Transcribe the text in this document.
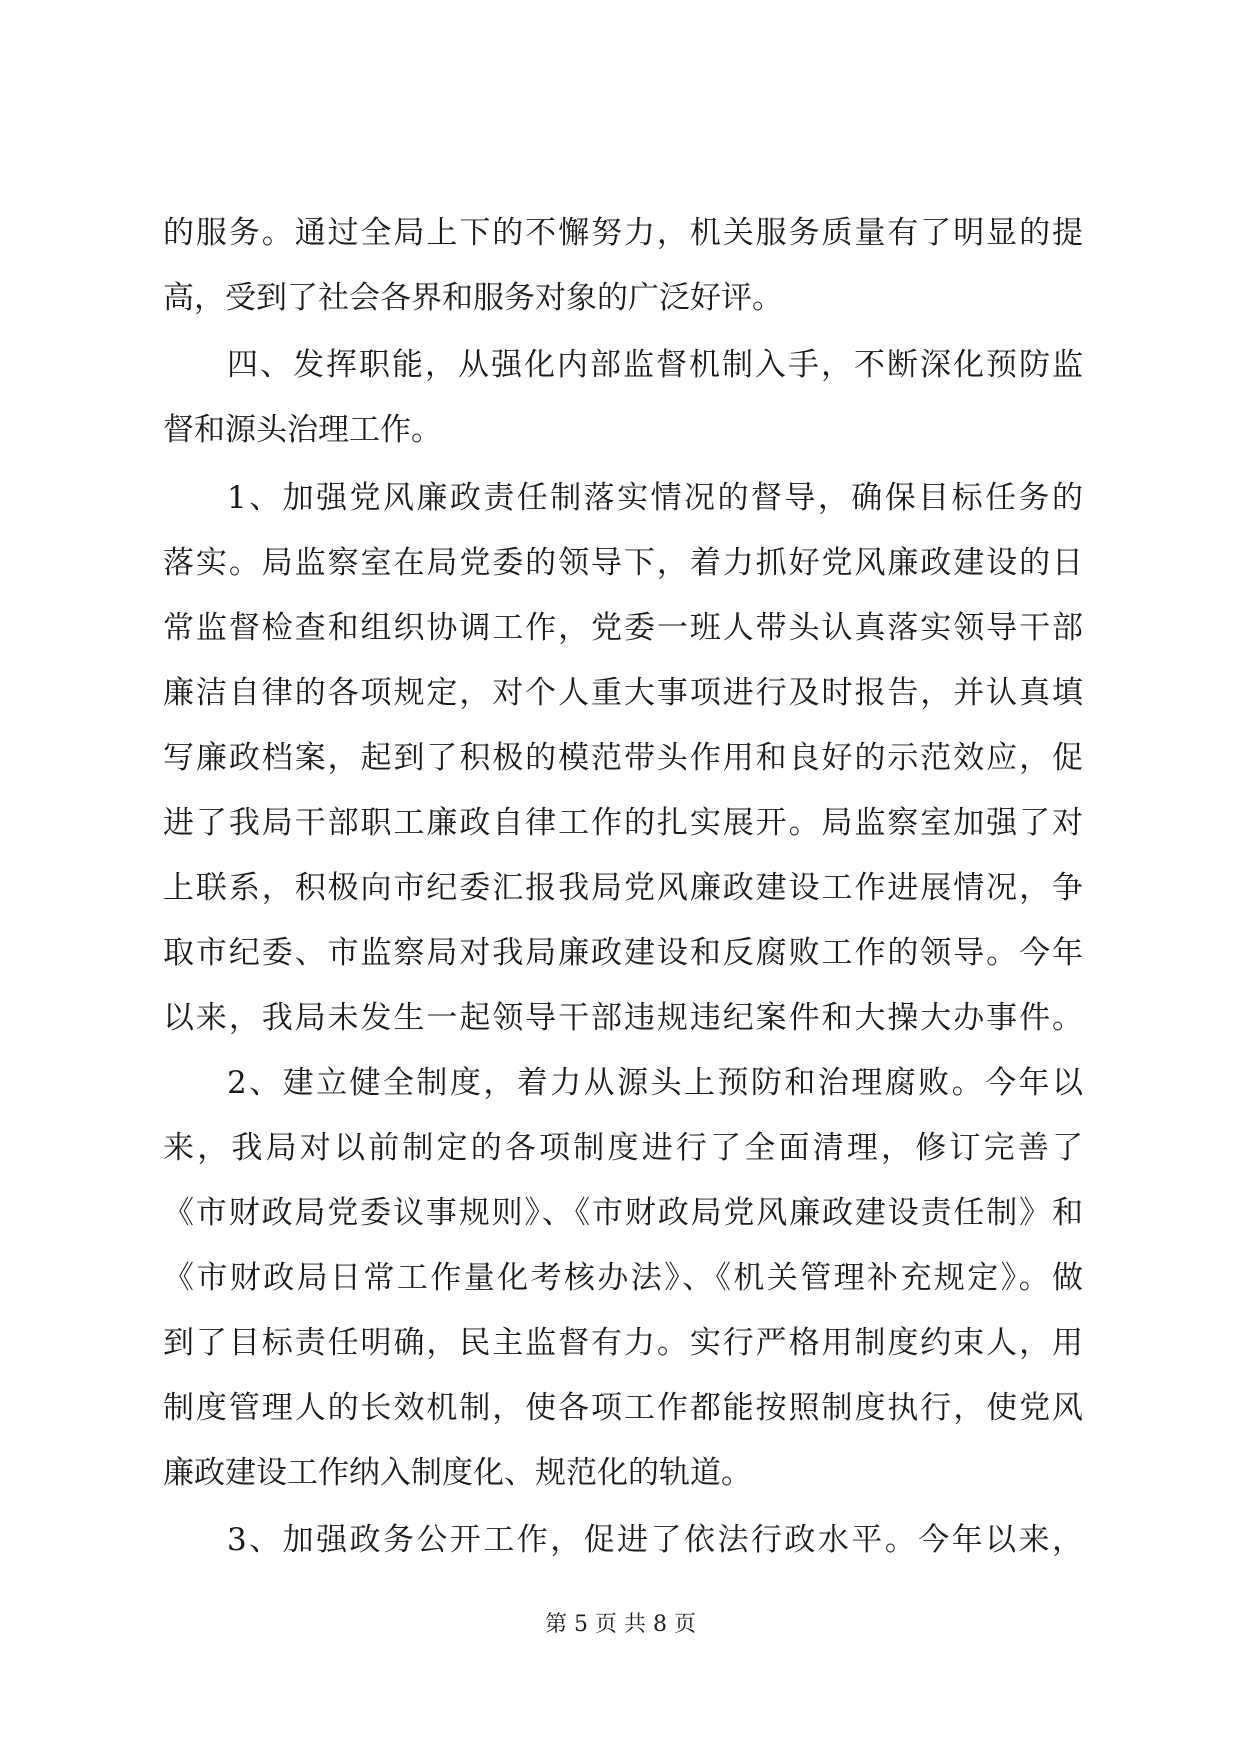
的服务。通过全局上下的不懈努力，机关服务质量有了明显的提
高，受到了社会各界和服务对象的广泛好评。
四、发挥职能，从强化内部监督机制入手，不断深化预防监
督和源头治理工作。
1、加强党风廉政责任制落实情况的督导，确保目标任务的
落实。局监察室在局党委的领导下，着力抓好党风廉政建设的日
常监督检查和组织协调工作，党委一班人带头认真落实领导干部
廉洁自律的各项规定，对个人重大事项进行及时报告，并认真填
写廉政档案，起到了积极的模范带头作用和良好的示范效应，促
进了我局干部职工廉政自律工作的扎实展开。局监察室加强了对
上联系，积极向市纪委汇报我局党风廉政建设工作进展情况，争
取市纪委、市监察局对我局廉政建设和反腐败工作的领导。今年
以来，我局未发生一起领导干部违规违纪案件和大操大办事件。
2、建立健全制度，着力从源头上预防和治理腐败。今年以
来，我局对以前制定的各项制度进行了全面清理，修订完善了
《市财政局党委议事规则》、《市财政局党风廉政建设责任制》和
《市财政局日常工作量化考核办法》、《机关管理补充规定》。做
到了目标责任明确，民主监督有力。实行严格用制度约束人，用
制度管理人的长效机制，使各项工作都能按照制度执行，使党风
廉政建设工作纳入制度化、规范化的轨道。
3、加强政务公开工作，促进了依法行政水平。今年以来，
第 5 页 共 8 页
